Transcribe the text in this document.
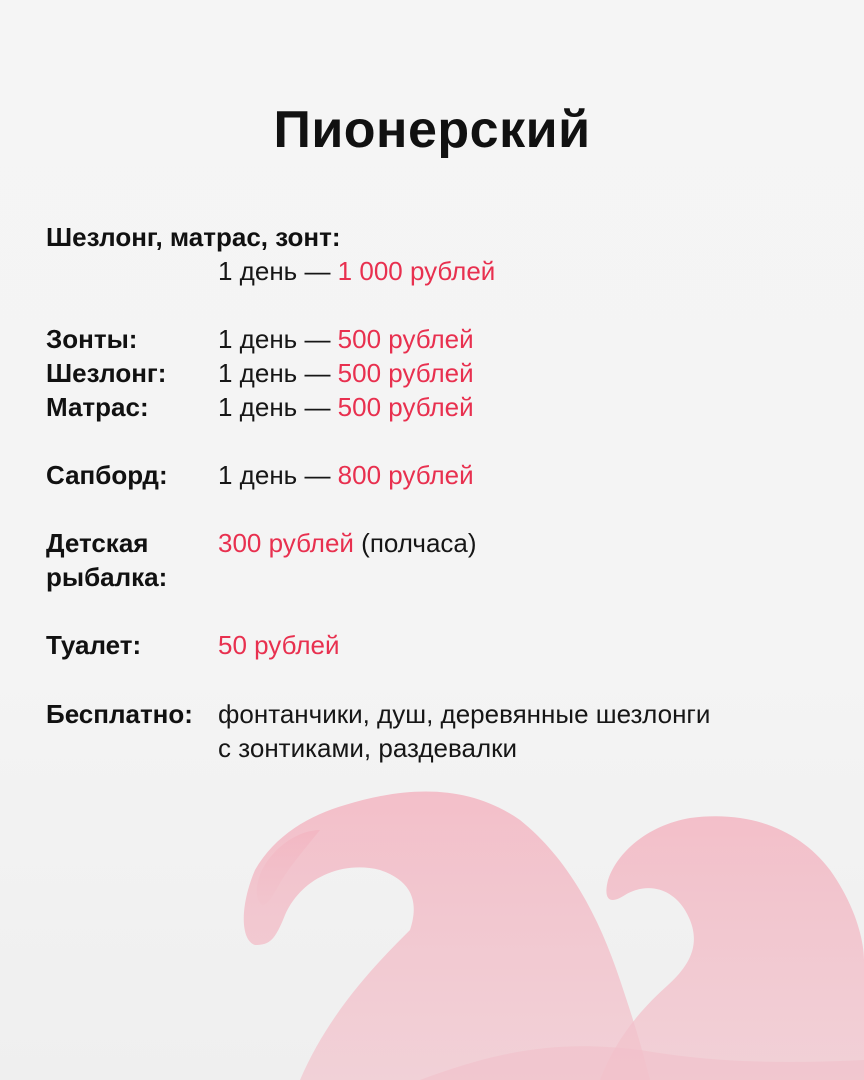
Пионерский
Шезлонг, матрас, зонт:
1 день — 1 000 рублей
Зонты:	1 день — 500 рублей
Шезлонг: 1 день — 500 рублей
Матрас:	1 день — 500 рублей
Сапборд: 1 день — 800 рублей
Детская
рыбалка:
300 рублей (полчаса)
Туалет:	50 рублей
Бесплатно: фонтанчики, душ, деревянные шезлонги
с зонтиками, раздевалки
